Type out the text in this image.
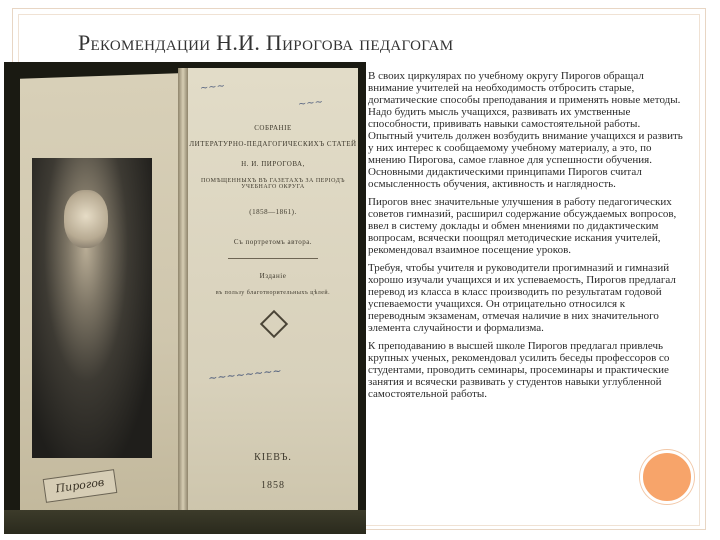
Рекомендации Н.И. Пирогова педагогам
Пирогов
~~~
~~~
СОБРАНІЕ
ЛИТЕРАТУРНО-ПЕДАГОГИЧЕСКИХЪ СТАТЕЙ
Н. И. ПИРОГОВА,
ПОМѢЩЕННЫХЪ ВЪ ГАЗЕТАХЪ ЗА ПЕРІОДЪ УЧЕБНАГО ОКРУГА
(1858—1861).
Съ портретомъ автора.
Изданіе
въ пользу благотворительныхъ цѣлей.
~~~~~~~~
КІЕВЪ.
1858

В своих циркулярах по учебному округу Пирогов обращал внимание учителей на необходимость отбросить старые, догматические способы преподавания и применять новые методы. Надо будить мысль учащихся, развивать их умственные способности, прививать навыки самостоятельной работы. Опытный учитель должен возбудить внимание учащихся и развить у них интерес к сообщаемому учебному материалу, а это, по мнению Пирогова, самое главное для успешности обучения. Основными дидактическими принципами Пирогов считал осмысленность обучения, активность и наглядность.

Пирогов внес значительные улучшения в работу педагогических советов гимназий, расширил содержание обсуждаемых вопросов, ввел в систему доклады и обмен мнениями по дидактическим вопросам, всячески поощрял методические искания учителей, рекомендовал взаимное посещение уроков.

Требуя, чтобы учителя и руководители прогимназий и гимназий хорошо изучали учащихся и их успеваемость, Пирогов предлагал перевод из класса в класс производить по результатам годовой успеваемости учащихся. Он отрицательно относился к переводным экзаменам, отмечая наличие в них значительного элемента случайности и формализма.

К преподаванию в высшей школе Пирогов предлагал привлечь крупных ученых, рекомендовал усилить беседы профессоров со студентами, проводить семинары, просеминары и практические занятия и всячески развивать у студентов навыки углубленной самостоятельной работы.
